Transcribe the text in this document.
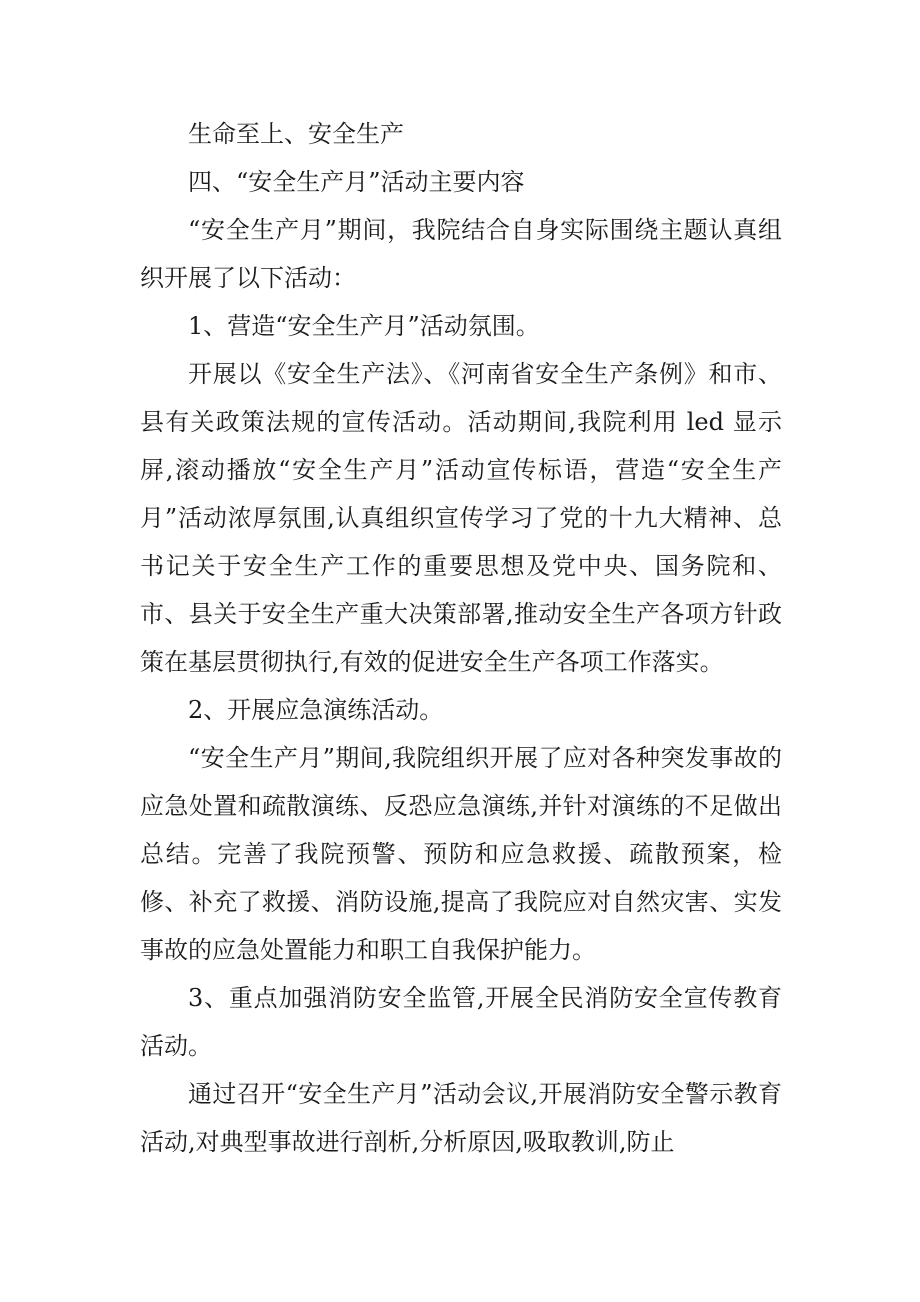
生命至上、安全生产

四、“安全生产月”活动主要内容

“安全生产月”期间，我院结合自身实际围绕主题认真组织开展了以下活动：

1、营造“安全生产月”活动氛围。

开展以《安全生产法》、《河南省安全生产条例》和市、县有关政策法规的宣传活动。活动期间,我院利用 led 显示屏,滚动播放“安全生产月”活动宣传标语，营造“安全生产月”活动浓厚氛围,认真组织宣传学习了党的十九大精神、总书记关于安全生产工作的重要思想及党中央、国务院和、市、县关于安全生产重大决策部署,推动安全生产各项方针政策在基层贯彻执行,有效的促进安全生产各项工作落实。

2、开展应急演练活动。

“安全生产月”期间,我院组织开展了应对各种突发事故的应急处置和疏散演练、反恐应急演练,并针对演练的不足做出总结。完善了我院预警、预防和应急救援、疏散预案，检修、补充了救援、消防设施,提高了我院应对自然灾害、实发事故的应急处置能力和职工自我保护能力。

3、重点加强消防安全监管,开展全民消防安全宣传教育活动。

通过召开“安全生产月”活动会议,开展消防安全警示教育活动,对典型事故进行剖析,分析原因,吸取教训,防止
